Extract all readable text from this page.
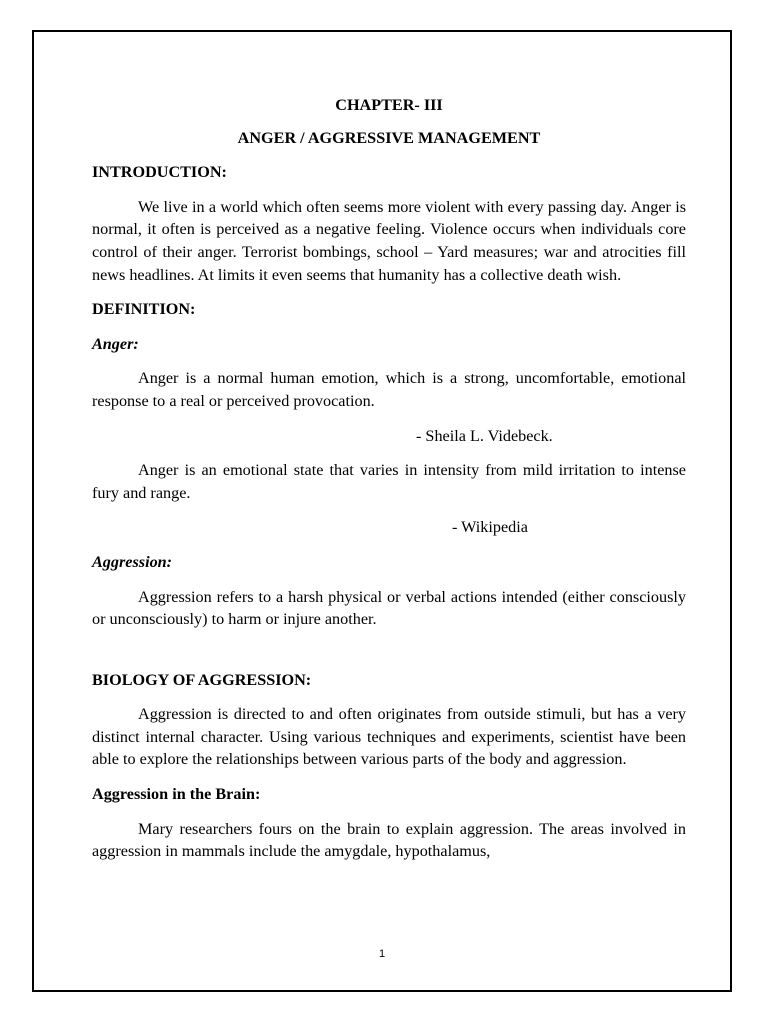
CHAPTER- III

ANGER / AGGRESSIVE MANAGEMENT

INTRODUCTION:

We live in a world which often seems more violent with every passing day. Anger is normal, it often is perceived as a negative feeling. Violence occurs when individuals core control of their anger. Terrorist bombings, school – Yard measures; war and atrocities fill news headlines. At limits it even seems that humanity has a collective death wish.

DEFINITION:

Anger:

Anger is a normal human emotion, which is a strong, uncomfortable, emotional response to a real or perceived provocation.

- Sheila L. Videbeck.

Anger is an emotional state that varies in intensity from mild irritation to intense fury and range.

- Wikipedia

Aggression:

Aggression refers to a harsh physical or verbal actions intended (either consciously or unconsciously) to harm or injure another.

BIOLOGY OF AGGRESSION:

Aggression is directed to and often originates from outside stimuli, but has a very distinct internal character. Using various techniques and experiments, scientist have been able to explore the relationships between various parts of the body and aggression.

Aggression in the Brain:

Mary researchers fours on the brain to explain aggression. The areas involved in aggression in mammals include the amygdale, hypothalamus,

1
